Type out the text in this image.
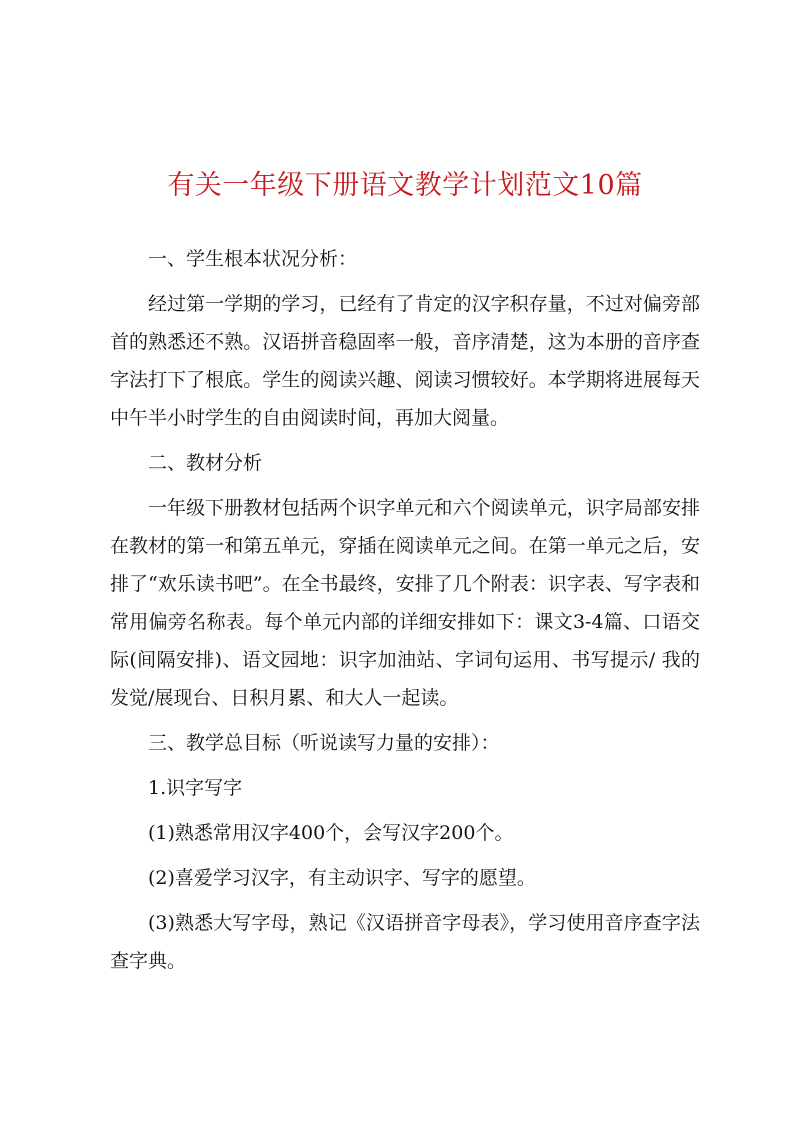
有关一年级下册语文教学计划范文10篇

一、学生根本状况分析：

经过第一学期的学习，已经有了肯定的汉字积存量，不过对偏旁部首的熟悉还不熟。汉语拼音稳固率一般，音序清楚，这为本册的音序查字法打下了根底。学生的阅读兴趣、阅读习惯较好。本学期将进展每天中午半小时学生的自由阅读时间，再加大阅量。

二、教材分析

一年级下册教材包括两个识字单元和六个阅读单元，识字局部安排在教材的第一和第五单元，穿插在阅读单元之间。在第一单元之后，安排了“欢乐读书吧”。在全书最终，安排了几个附表：识字表、写字表和常用偏旁名称表。每个单元内部的详细安排如下：课文3-4篇、口语交际(间隔安排)、语文园地：识字加油站、字词句运用、书写提示/ 我的发觉/展现台、日积月累、和大人一起读。

三、教学总目标（听说读写力量的安排）：

1.识字写字

(1)熟悉常用汉字400个，会写汉字200个。

(2)喜爱学习汉字，有主动识字、写字的愿望。

(3)熟悉大写字母，熟记《汉语拼音字母表》，学习使用音序查字法查字典。
